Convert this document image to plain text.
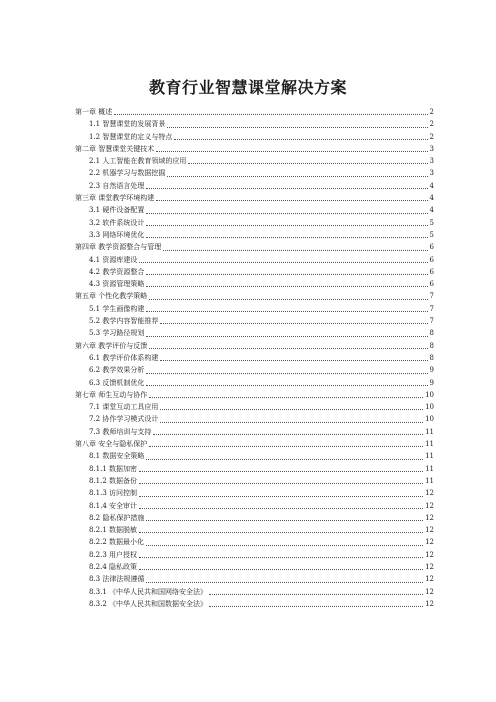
教育行业智慧课堂解决方案
第一章 概述	2
1.1 智慧课堂的发展背景	2
1.2 智慧课堂的定义与特点	2
第二章 智慧课堂关键技术	3
2.1 人工智能在教育领域的应用	3
2.2 机器学习与数据挖掘	3
2.3 自然语言处理	4
第三章 课堂教学环境构建	4
3.1 硬件设备配置	4
3.2 软件系统设计	5
3.3 网络环境优化	5
第四章 教学资源整合与管理	6
4.1 资源库建设	6
4.2 教学资源整合	6
4.3 资源管理策略	6
第五章 个性化教学策略	7
5.1 学生画像构建	7
5.2 教学内容智能推荐	7
5.3 学习路径规划	8
第六章 教学评价与反馈	8
6.1 教学评价体系构建	8
6.2 教学效果分析	9
6.3 反馈机制优化	9
第七章 师生互动与协作	10
7.1 课堂互动工具应用	10
7.2 协作学习模式设计	10
7.3 教师培训与支持	11
第八章 安全与隐私保护	11
8.1 数据安全策略	11
8.1.1 数据加密	11
8.1.2 数据备份	11
8.1.3 访问控制	12
8.1.4 安全审计	12
8.2 隐私保护措施	12
8.2.1 数据脱敏	12
8.2.2 数据最小化	12
8.2.3 用户授权	12
8.2.4 隐私政策	12
8.3 法律法规遵循	12
8.3.1 《中华人民共和国网络安全法》	12
8.3.2 《中华人民共和国数据安全法》	12
